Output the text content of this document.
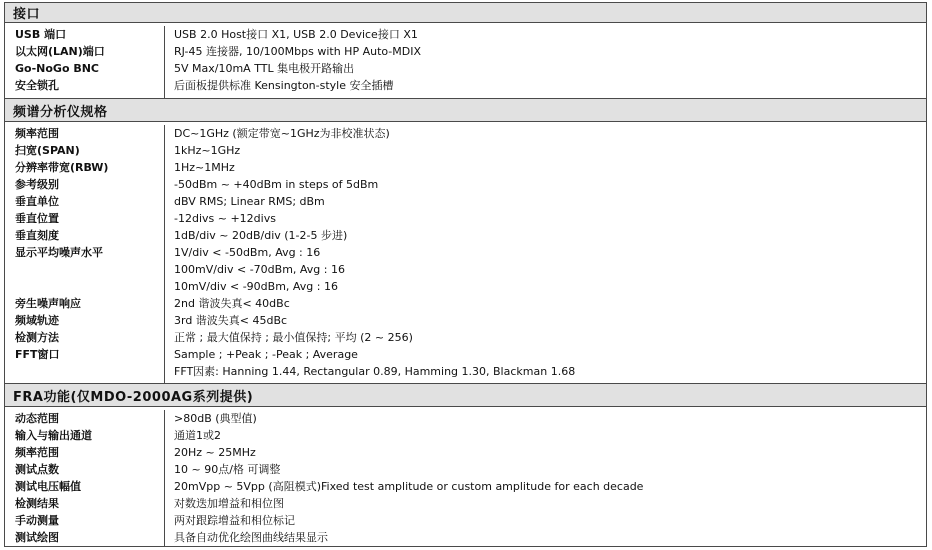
接口
USB 端口
以太网(LAN)端口
Go-NoGo BNC
安全锁孔
USB 2.0 Host接口 X1, USB 2.0 Device接口 X1
RJ-45 连接器, 10/100Mbps with HP Auto-MDIX
5V Max/10mA TTL 集电极开路输出
后面板提供标准 Kensington-style 安全插槽
频谱分析仪规格
频率范围
扫宽(SPAN)
分辨率带宽(RBW)
参考级别
垂直单位
垂直位置
垂直刻度
显示平均噪声水平
旁生噪声响应
频域轨迹
检测方法
FFT窗口
DC~1GHz (额定带宽~1GHz为非校准状态)
1kHz~1GHz
1Hz~1MHz
-50dBm ~ +40dBm in steps of 5dBm
dBV RMS; Linear RMS; dBm
-12divs ~ +12divs
1dB/div ~ 20dB/div (1-2-5 步进)
1V/div < -50dBm, Avg : 16
100mV/div < -70dBm, Avg : 16
10mV/div < -90dBm, Avg : 16
2nd 谐波失真< 40dBc
3rd 谐波失真< 45dBc
正常 ; 最大值保持 ; 最小值保持; 平均 (2 ~ 256)
Sample ; +Peak ; -Peak ; Average
FFT因素: Hanning 1.44, Rectangular 0.89, Hamming 1.30, Blackman 1.68
FRA功能(仅MDO-2000AG系列提供)
动态范围
输入与输出通道
频率范围
测试点数
测试电压幅值
检测结果
手动测量
测试绘图
>80dB (典型值)
通道1或2
20Hz ~ 25MHz
10 ~ 90点/格 可调整
20mVpp ~ 5Vpp (高阻模式)Fixed test amplitude or custom amplitude for each decade
对数迭加增益和相位图
两对跟踪增益和相位标记
具备自动优化绘图曲线结果显示
